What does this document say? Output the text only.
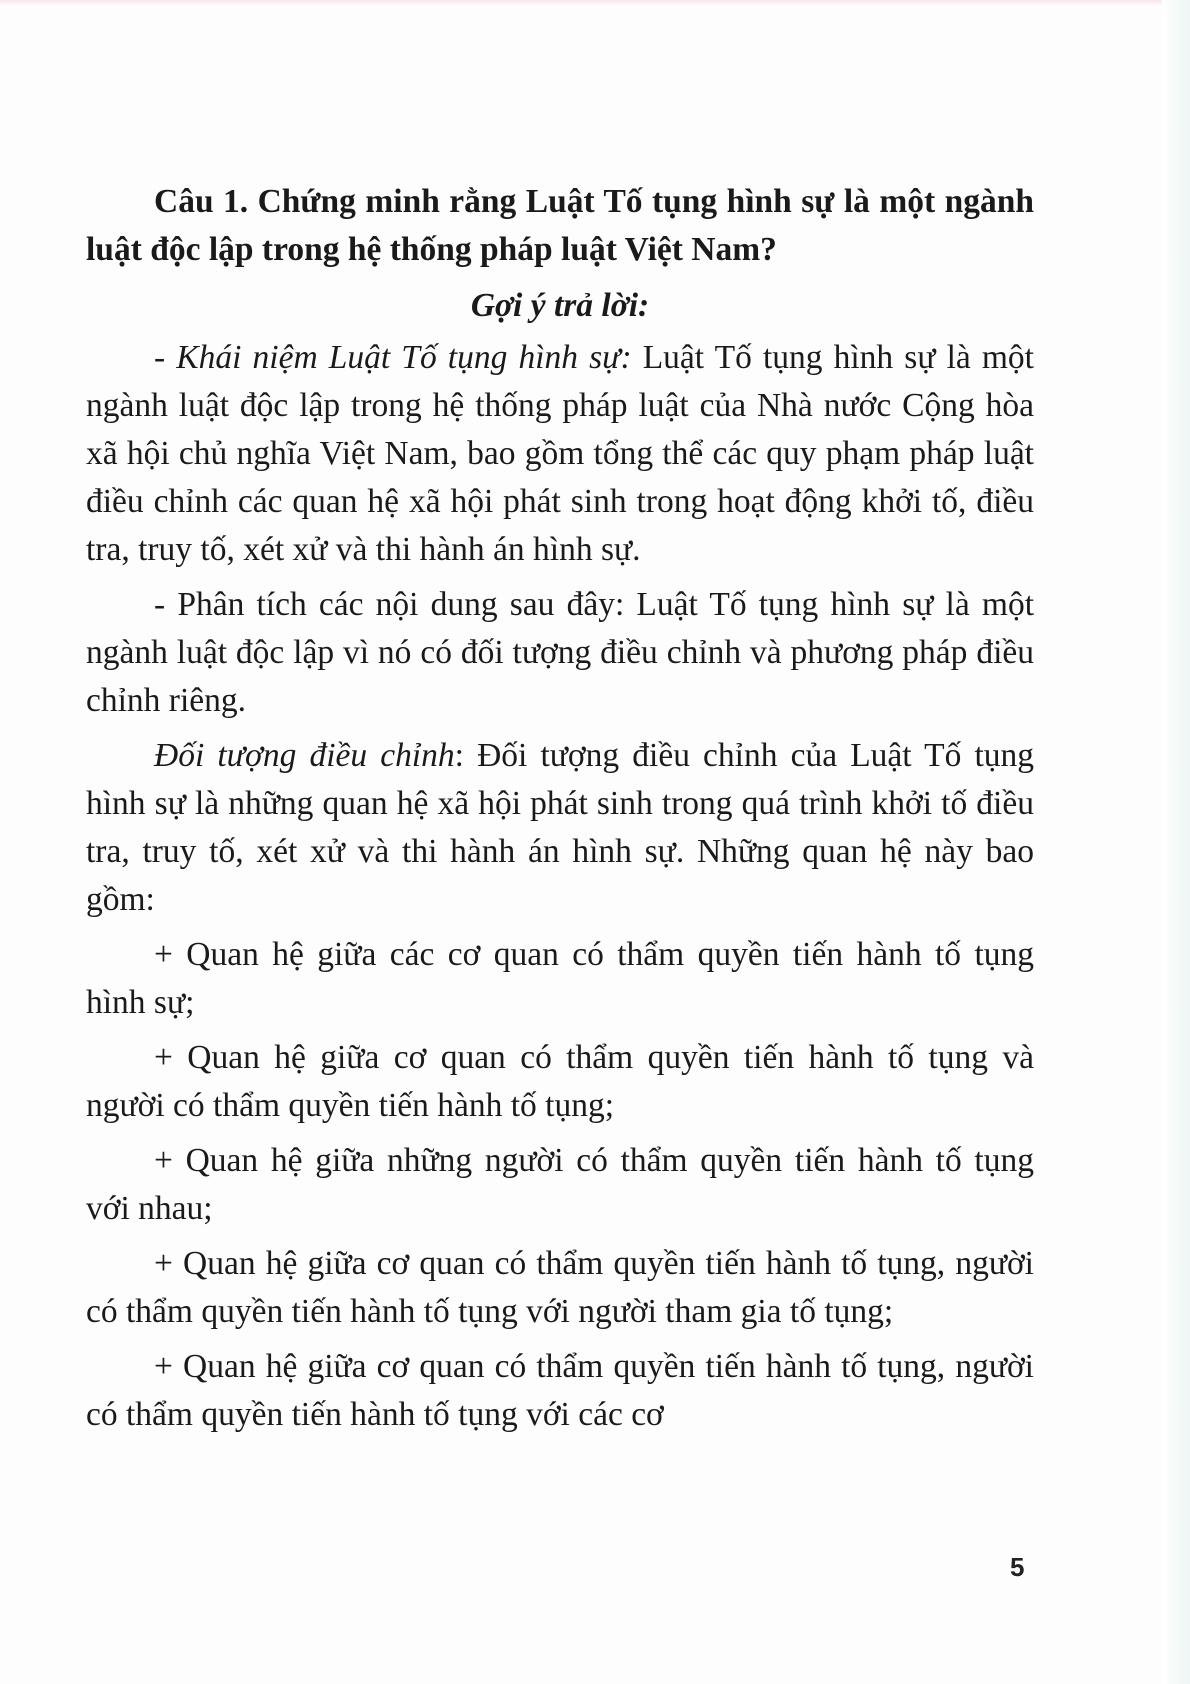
Câu 1. Chứng minh rằng Luật Tố tụng hình sự là một ngành luật độc lập trong hệ thống pháp luật Việt Nam?

Gợi ý trả lời:

- Khái niệm Luật Tố tụng hình sự: Luật Tố tụng hình sự là một ngành luật độc lập trong hệ thống pháp luật của Nhà nước Cộng hòa xã hội chủ nghĩa Việt Nam, bao gồm tổng thể các quy phạm pháp luật điều chỉnh các quan hệ xã hội phát sinh trong hoạt động khởi tố, điều tra, truy tố, xét xử và thi hành án hình sự.

- Phân tích các nội dung sau đây: Luật Tố tụng hình sự là một ngành luật độc lập vì nó có đối tượng điều chỉnh và phương pháp điều chỉnh riêng.

Đối tượng điều chỉnh: Đối tượng điều chỉnh của Luật Tố tụng hình sự là những quan hệ xã hội phát sinh trong quá trình khởi tố điều tra, truy tố, xét xử và thi hành án hình sự. Những quan hệ này bao gồm:

+ Quan hệ giữa các cơ quan có thẩm quyền tiến hành tố tụng hình sự;

+ Quan hệ giữa cơ quan có thẩm quyền tiến hành tố tụng và người có thẩm quyền tiến hành tố tụng;

+ Quan hệ giữa những người có thẩm quyền tiến hành tố tụng với nhau;

+ Quan hệ giữa cơ quan có thẩm quyền tiến hành tố tụng, người có thẩm quyền tiến hành tố tụng với người tham gia tố tụng;

+ Quan hệ giữa cơ quan có thẩm quyền tiến hành tố tụng, người có thẩm quyền tiến hành tố tụng với các cơ

5
